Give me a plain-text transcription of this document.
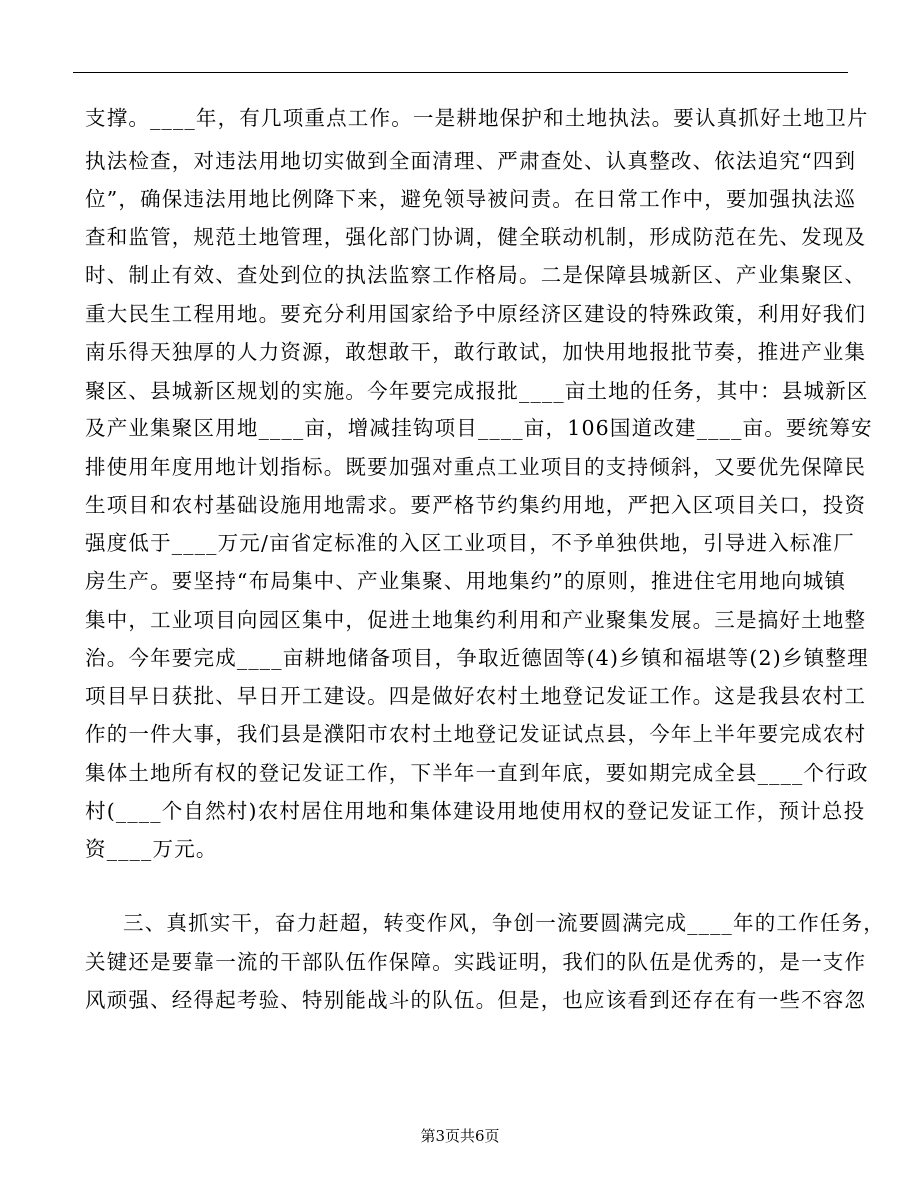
支撑。____年，有几项重点工作。一是耕地保护和土地执法。要认真抓好土地卫片
执法检查，对违法用地切实做到全面清理、严肃查处、认真整改、依法追究“四到
位”，确保违法用地比例降下来，避免领导被问责。在日常工作中，要加强执法巡
查和监管，规范土地管理，强化部门协调，健全联动机制，形成防范在先、发现及
时、制止有效、查处到位的执法监察工作格局。二是保障县城新区、产业集聚区、
重大民生工程用地。要充分利用国家给予中原经济区建设的特殊政策，利用好我们
南乐得天独厚的人力资源，敢想敢干，敢行敢试，加快用地报批节奏，推进产业集
聚区、县城新区规划的实施。今年要完成报批____亩土地的任务，其中：县城新区
及产业集聚区用地____亩，增减挂钩项目____亩，106国道改建____亩。要统筹安
排使用年度用地计划指标。既要加强对重点工业项目的支持倾斜，又要优先保障民
生项目和农村基础设施用地需求。要严格节约集约用地，严把入区项目关口，投资
强度低于____万元/亩省定标准的入区工业项目，不予单独供地，引导进入标准厂
房生产。要坚持“布局集中、产业集聚、用地集约”的原则，推进住宅用地向城镇
集中，工业项目向园区集中，促进土地集约利用和产业聚集发展。三是搞好土地整
治。今年要完成____亩耕地储备项目，争取近德固等(4)乡镇和福堪等(2)乡镇整理
项目早日获批、早日开工建设。四是做好农村土地登记发证工作。这是我县农村工
作的一件大事，我们县是濮阳市农村土地登记发证试点县，今年上半年要完成农村
集体土地所有权的登记发证工作，下半年一直到年底，要如期完成全县____个行政
村(____个自然村)农村居住用地和集体建设用地使用权的登记发证工作，预计总投
资____万元。
三、真抓实干，奋力赶超，转变作风，争创一流要圆满完成____年的工作任务，
关键还是要靠一流的干部队伍作保障。实践证明，我们的队伍是优秀的，是一支作
风顽强、经得起考验、特别能战斗的队伍。但是，也应该看到还存在有一些不容忽
第3页共6页
